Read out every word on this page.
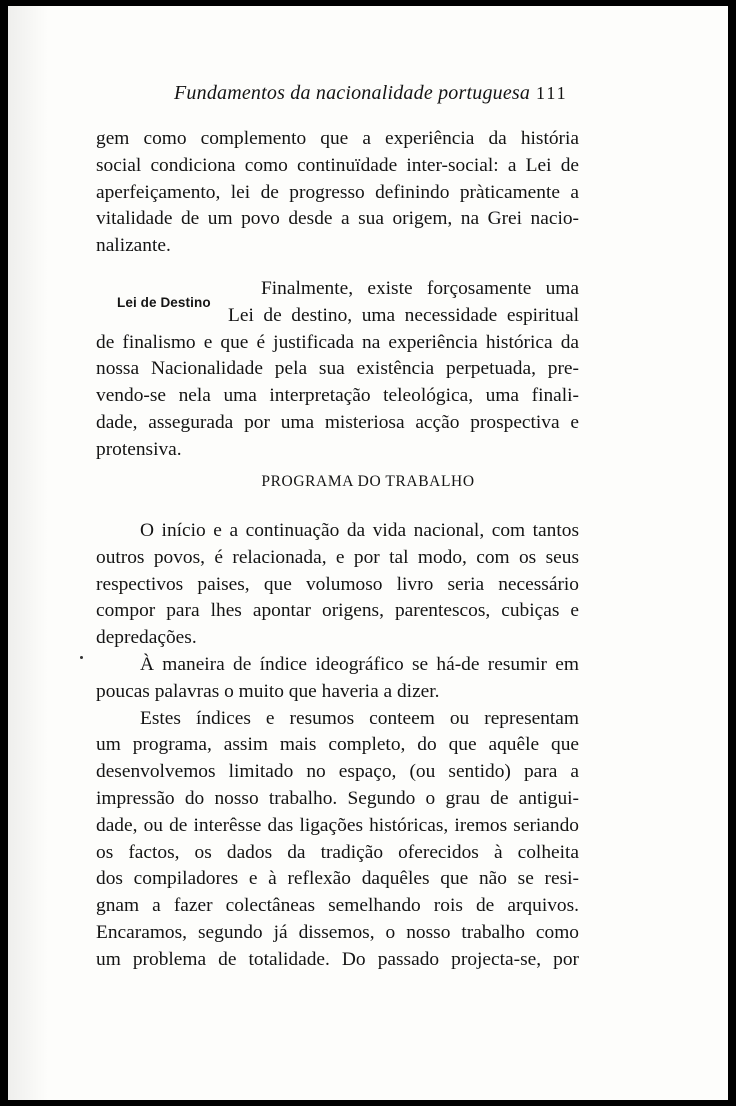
Fundamentos da nacionalidade portuguesa 111
gem como complemento que a experiência da história
social condiciona como continuïdade inter-social: a Lei de
aperfeiçamento, lei de progresso definindo pràticamente a
vitalidade de um povo desde a sua origem, na Grei nacio-
nalizante.
Lei de Destino
Finalmente, existe forçosamente uma
Lei de destino, uma necessidade espiritual
de finalismo e que é justificada na experiência histórica da
nossa Nacionalidade pela sua existência perpetuada, pre-
vendo-se nela uma interpretação teleológica, uma finali-
dade, assegurada por uma misteriosa acção prospectiva e
protensiva.
PROGRAMA DO TRABALHO
O início e a continuação da vida nacional, com tantos
outros povos, é relacionada, e por tal modo, com os seus
respectivos paises, que volumoso livro seria necessário
compor para lhes apontar origens, parentescos, cubiças e
depredações.
À maneira de índice ideográfico se há-de resumir em
poucas palavras o muito que haveria a dizer.
Estes índices e resumos conteem ou representam
um programa, assim mais completo, do que aquêle que
desenvolvemos limitado no espaço, (ou sentido) para a
impressão do nosso trabalho. Segundo o grau de antigui-
dade, ou de interêsse das ligações históricas, iremos seriando
os factos, os dados da tradição oferecidos à colheita
dos compiladores e à reflexão daquêles que não se resi-
gnam a fazer colectâneas semelhando rois de arquivos.
Encaramos, segundo já dissemos, o nosso trabalho como
um problema de totalidade. Do passado projecta-se, por
